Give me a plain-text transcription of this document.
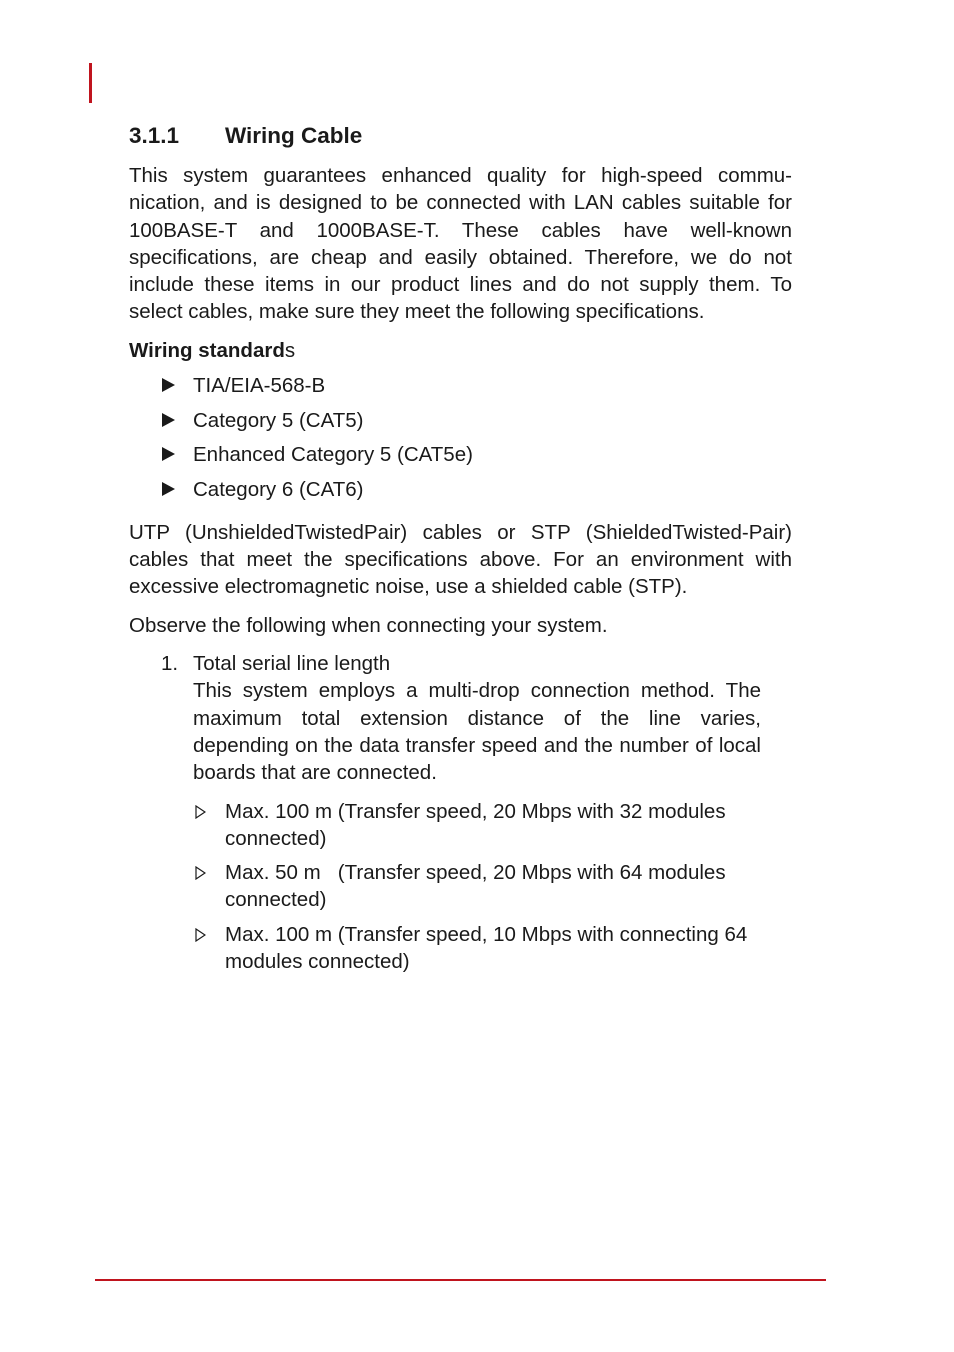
3.1.1 Wiring Cable

This system guarantees enhanced quality for high-speed communication, and is designed to be connected with LAN cables suitable for 100BASE-T and 1000BASE-T. These cables have well-known specifications, are cheap and easily obtained. Therefore, we do not include these items in our product lines and do not supply them. To select cables, make sure they meet the following specifications.

Wiring standards
TIA/EIA-568-B
Category 5 (CAT5)
Enhanced Category 5 (CAT5e)
Category 6 (CAT6)

UTP (UnshieldedTwistedPair) cables or STP (ShieldedTwisted-Pair) cables that meet the specifications above. For an environment with excessive electromagnetic noise, use a shielded cable (STP).

Observe the following when connecting your system.

1. Total serial line length

This system employs a multi-drop connection method. The maximum total extension distance of the line varies, depending on the data transfer speed and the number of local boards that are connected.

Max. 100 m (Transfer speed, 20 Mbps with 32 modules connected)
Max. 50 m   (Transfer speed, 20 Mbps with 64 modules connected)
Max. 100 m (Transfer speed, 10 Mbps with connecting 64 modules connected)
